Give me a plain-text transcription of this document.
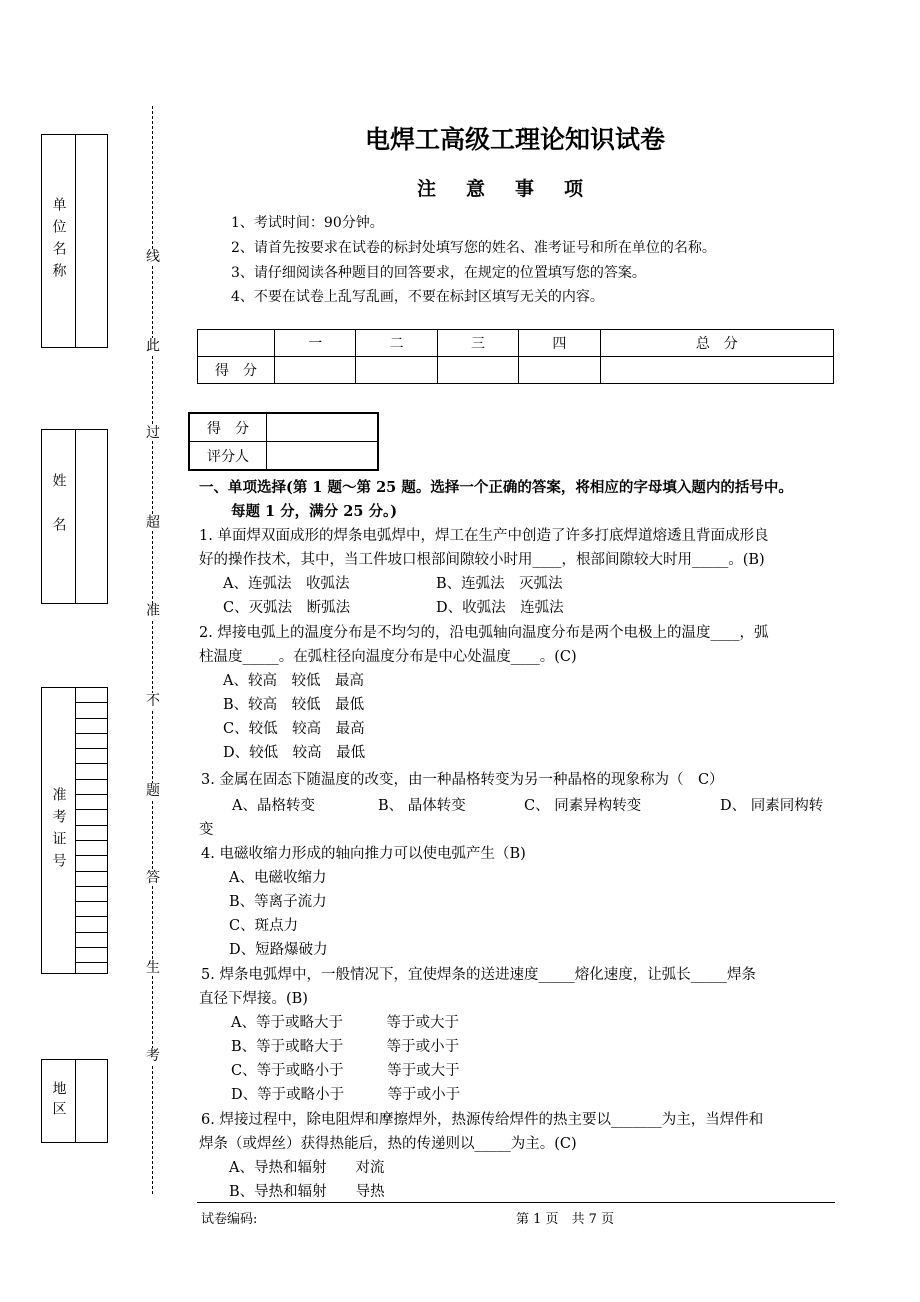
单位名称
姓名
准考证号
地区
线
此
过
超
准
不
题
答
生
考
电焊工高级工理论知识试卷
注意事项
1、考试时间：90分钟。
2、请首先按要求在试卷的标封处填写您的姓名、准考证号和所在单位的名称。
3、请仔细阅读各种题目的回答要求，在规定的位置填写您的答案。
4、不要在试卷上乱写乱画，不要在标封区填写无关的内容。
	一	二	三	四	总　分
得　分					
得　分	
评分人	
一、单项选择(第 1 题～第 25 题。选择一个正确的答案，将相应的字母填入题内的括号中。
每题 1 分，满分 25 分。)
1. 单面焊双面成形的焊条电弧焊中，焊工在生产中创造了许多打底焊道熔透且背面成形良
好的操作技术，其中，当工件坡口根部间隙较小时用____，根部间隙较大时用_____。(B)
A、连弧法　收弧法	B、连弧法　灭弧法
C、灭弧法　断弧法	D、收弧法　连弧法
2. 焊接电弧上的温度分布是不均匀的，沿电弧轴向温度分布是两个电极上的温度____，弧
柱温度_____。在弧柱径向温度分布是中心处温度____。(C)
A、较高　较低　最高
B、较高　较低　最低
C、较低　较高　最高
D、较低　较高　最低
3. 金属在固态下随温度的改变，由一种晶格转变为另一种晶格的现象称为（　C）
A、晶格转变	B、 晶体转变	C、 同素异构转变	D、 同素同构转
变
4. 电磁收缩力形成的轴向推力可以使电弧产生（B)
A、电磁收缩力
B、等离子流力
C、斑点力
D、短路爆破力
5. 焊条电弧焊中，一般情况下，宜使焊条的送进速度_____熔化速度，让弧长_____焊条
直径下焊接。(B)
A、等于或略大于　　　等于或大于
B、等于或略大于　　　等于或小于
C、等于或略小于　　　等于或大于
D、等于或略小于　　　等于或小于
6. 焊接过程中，除电阻焊和摩擦焊外，热源传给焊件的热主要以_______为主，当焊件和
焊条（或焊丝）获得热能后，热的传递则以_____为主。(C)
A、导热和辐射　　对流
B、导热和辐射　　导热
试卷编码:	第 1 页　共 7 页
